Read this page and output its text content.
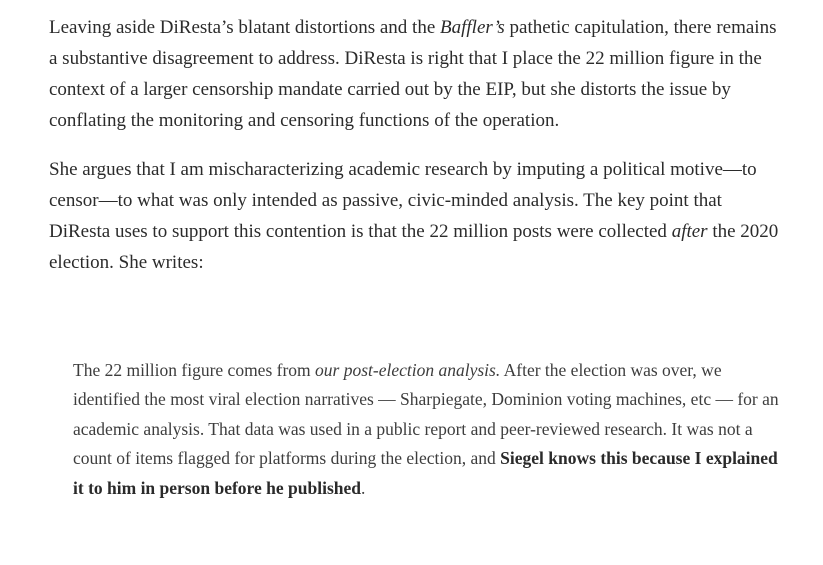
Leaving aside DiResta’s blatant distortions and the Baffler’s pathetic capitulation, there remains a substantive disagreement to address. DiResta is right that I place the 22 million figure in the context of a larger censorship mandate carried out by the EIP, but she distorts the issue by conflating the monitoring and censoring functions of the operation.

She argues that I am mischaracterizing academic research by imputing a political motive—to censor—to what was only intended as passive, civic-minded analysis. The key point that DiResta uses to support this contention is that the 22 million posts were collected after the 2020 election. She writes:

The 22 million figure comes from our post-election analysis. After the election was over, we identified the most viral election narratives — Sharpiegate, Dominion voting machines, etc — for an academic analysis. That data was used in a public report and peer-reviewed research. It was not a count of items flagged for platforms during the election, and Siegel knows this because I explained it to him in person before he published.
